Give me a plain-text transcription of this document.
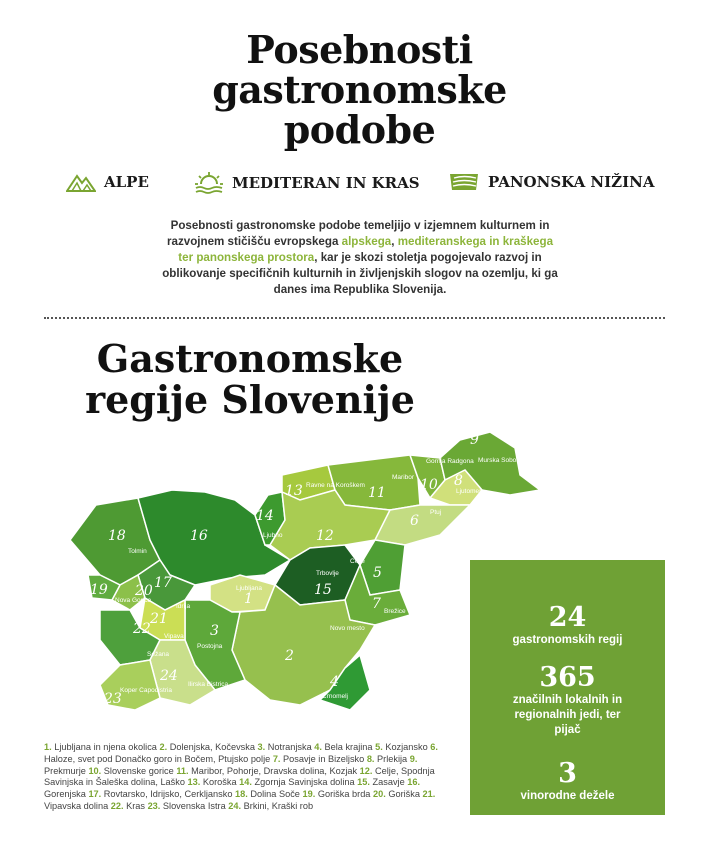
Posebnosti
gastronomske
podobe
ALPE	MEDITERAN IN KRAS	PANONSKA NIŽINA
Posebnosti gastronomske podobe temeljijo v izjemnem kulturnem in razvojnem stičišču evropskega alpskega, mediteranskega in kraškega ter panonskega prostora, kar je skozi stoletja pogojevalo razvoj in oblikovanje specifičnih kulturnih in življenjskih slogov na ozemlju, ki ga danes ima Republika Slovenija.
Gastronomske
regije Slovenije
18	16
14
13	11
12
10
9
8
6
5
15
7
1
2
4
3
17
20
19
21
22
24
23
Ljubljana
Maribor
Gornja Radgona Murska Sobota
Ljutomer
Ptuj
Celje
Ravne na Koroškem
Ljubno
Trbovlje
Brežice
Novo mesto
Črnomelj
Postojna
Ilirska Bistrica
Koper Capodistria
Sežana
Vipava
Idrija
Nova Gorica
Tolmin
24
gastronomskih regij
365
značilnih lokalnih in regionalnih jedi, ter pijač
3
vinorodne dežele
1. Ljubljana in njena okolica 2. Dolenjska, Kočevska 3. Notranjska 4. Bela krajina 5. Kozjansko 6. Haloze, svet pod Donačko goro in Bočem, Ptujsko polje 7. Posavje in Bizeljsko 8. Prlekija 9. Prekmurje 10. Slovenske gorice 11. Maribor, Pohorje, Dravska dolina, Kozjak 12. Celje, Spodnja Savinjska in Šaleška dolina, Laško 13. Koroška 14. Zgornja Savinjska dolina 15. Zasavje 16. Gorenjska 17. Rovtarsko, Idrijsko, Cerkljansko 18. Dolina Soče 19. Goriška brda 20. Goriška 21. Vipavska dolina 22. Kras 23. Slovenska Istra 24. Brkini, Kraški rob
